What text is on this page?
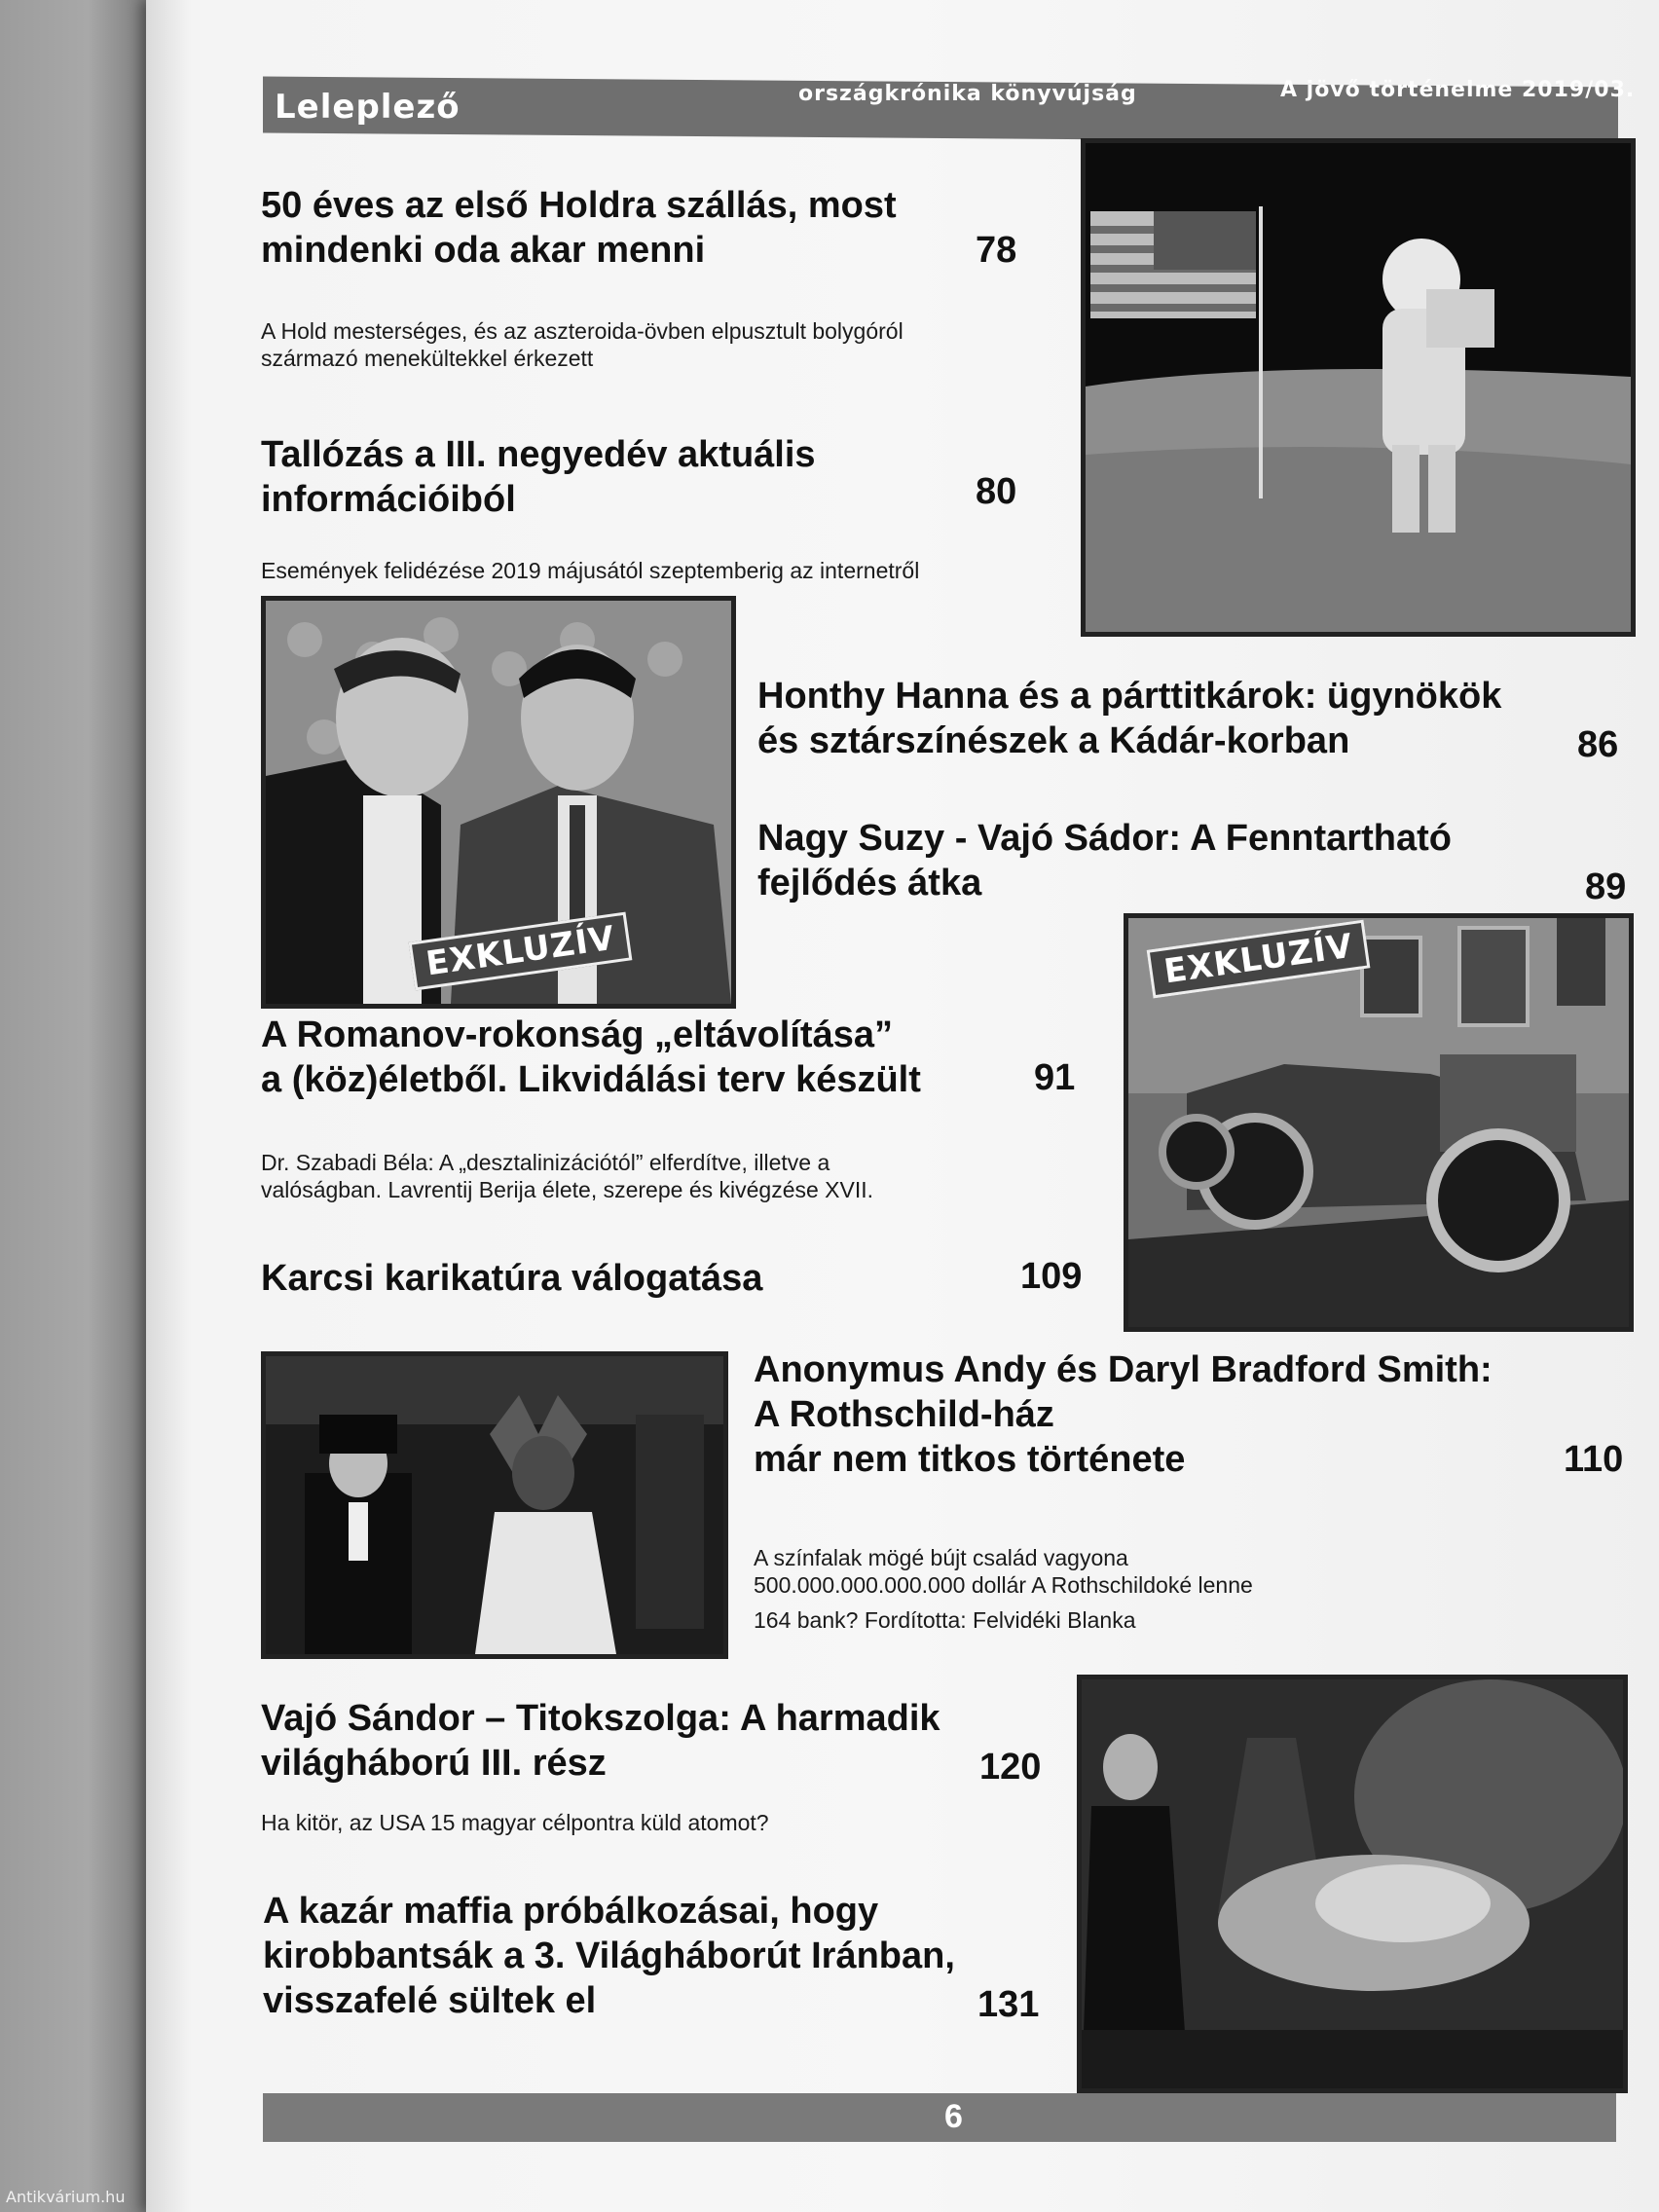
Antikvárium.hu
Leleplező	országkrónika könyvújság	A jövő történelme 2019/03.
50 éves az első Holdra szállás, most
mindenki oda akar menni	78
A Hold mesterséges, és az aszteroida-övben elpusztult bolygóról
származó menekültekkel érkezett
Tallózás a III. negyedév aktuális
információiból	80
Események felidézése 2019 májusától szeptemberig az internetről
EXKLUZÍV
Honthy Hanna és a párttitkárok: ügynökök
és sztárszínészek a Kádár-korban	86
Nagy Suzy - Vajó Sádor: A Fenntartható
fejlődés átka	89
EXKLUZÍV
A Romanov-rokonság „eltávolítása”
a (köz)életből. Likvidálási terv készült	91
Dr. Szabadi Béla: A „desztalinizációtól” elferdítve, illetve a
valóságban. Lavrentij Berija élete, szerepe és kivégzése XVII.
Karcsi karikatúra válogatása	109
Anonymus Andy és Daryl Bradford Smith:
A Rothschild-ház
már nem titkos története	110
A színfalak mögé bújt család vagyona
500.000.000.000.000 dollár A Rothschildoké lenne
164 bank? Fordította: Felvidéki Blanka
Vajó Sándor – Titokszolga: A harmadik
világháború III. rész	120
Ha kitör, az USA 15 magyar célpontra küld atomot?
A kazár maffia próbálkozásai, hogy
kirobbantsák a 3. Világháborút Iránban,
visszafelé sültek el	131
6
